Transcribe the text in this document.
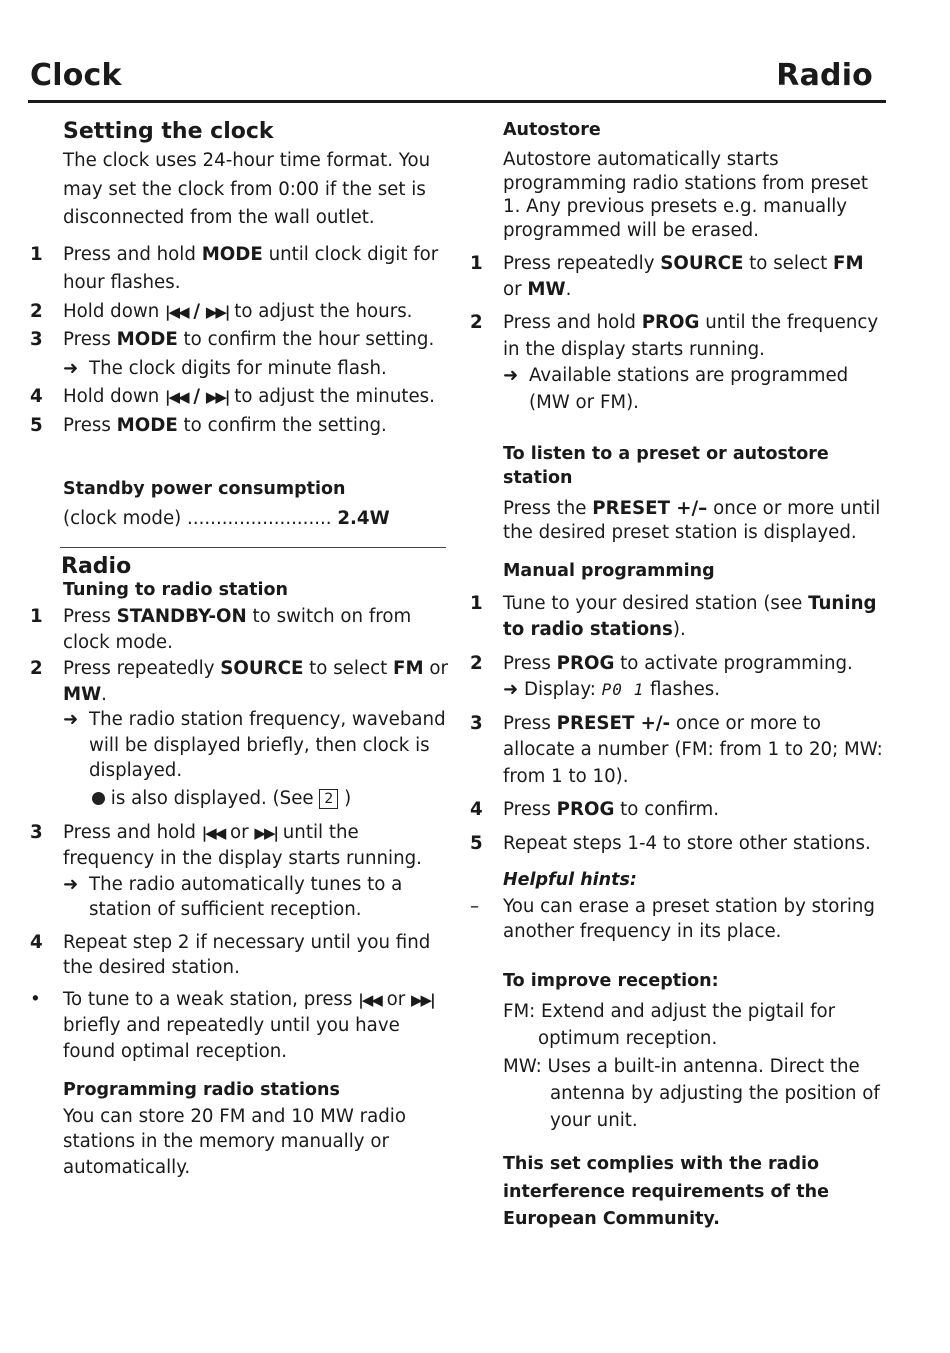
Clock	Radio
Setting the clock

The clock uses 24-hour time format. You may set the clock from 0:00 if the set is disconnected from the wall outlet.

1 Press and hold MODE until clock digit for hour flashes.
2 Hold down |◀◀ / ▶▶| to adjust the hours.
3 Press MODE to confirm the hour setting.
➜ The clock digits for minute flash.
4 Hold down |◀◀ / ▶▶| to adjust the minutes.
5 Press MODE to confirm the setting.
Standby power consumption
(clock mode) ......................... 2.4W
Radio
Tuning to radio station
1 Press STANDBY-ON to switch on from clock mode.
2 Press repeatedly SOURCE to select FM or MW.
➜ The radio station frequency, waveband will be displayed briefly, then clock is displayed.
is also displayed. (See 2 )
3 Press and hold |◀◀ or ▶▶| until the frequency in the display starts running.
➜ The radio automatically tunes to a station of sufficient reception.
4 Repeat step 2 if necessary until you find the desired station.
• To tune to a weak station, press |◀◀ or ▶▶| briefly and repeatedly until you have found optimal reception.
Programming radio stations

You can store 20 FM and 10 MW radio stations in the memory manually or automatically.

Autostore

Autostore automatically starts programming radio stations from preset 1. Any previous presets e.g. manually programmed will be erased.

1 Press repeatedly SOURCE to select FM or MW.
2 Press and hold PROG until the frequency in the display starts running.
➜ Available stations are programmed (MW or FM).
To listen to a preset or autostore station

Press the PRESET +/– once or more until the desired preset station is displayed.

Manual programming
1 Tune to your desired station (see Tuning to radio stations).
2 Press PROG to activate programming.
➜ Display: P0 1 flashes.
3 Press PRESET +/- once or more to allocate a number (FM: from 1 to 20; MW: from 1 to 10).
4 Press PROG to confirm.
5 Repeat steps 1-4 to store other stations.
Helpful hints:
– You can erase a preset station by storing another frequency in its place.
To improve reception:
FM: Extend and adjust the pigtail for optimum reception.
MW: Uses a built-in antenna. Direct the antenna by adjusting the position of your unit.

This set complies with the radio interference requirements of the European Community.
